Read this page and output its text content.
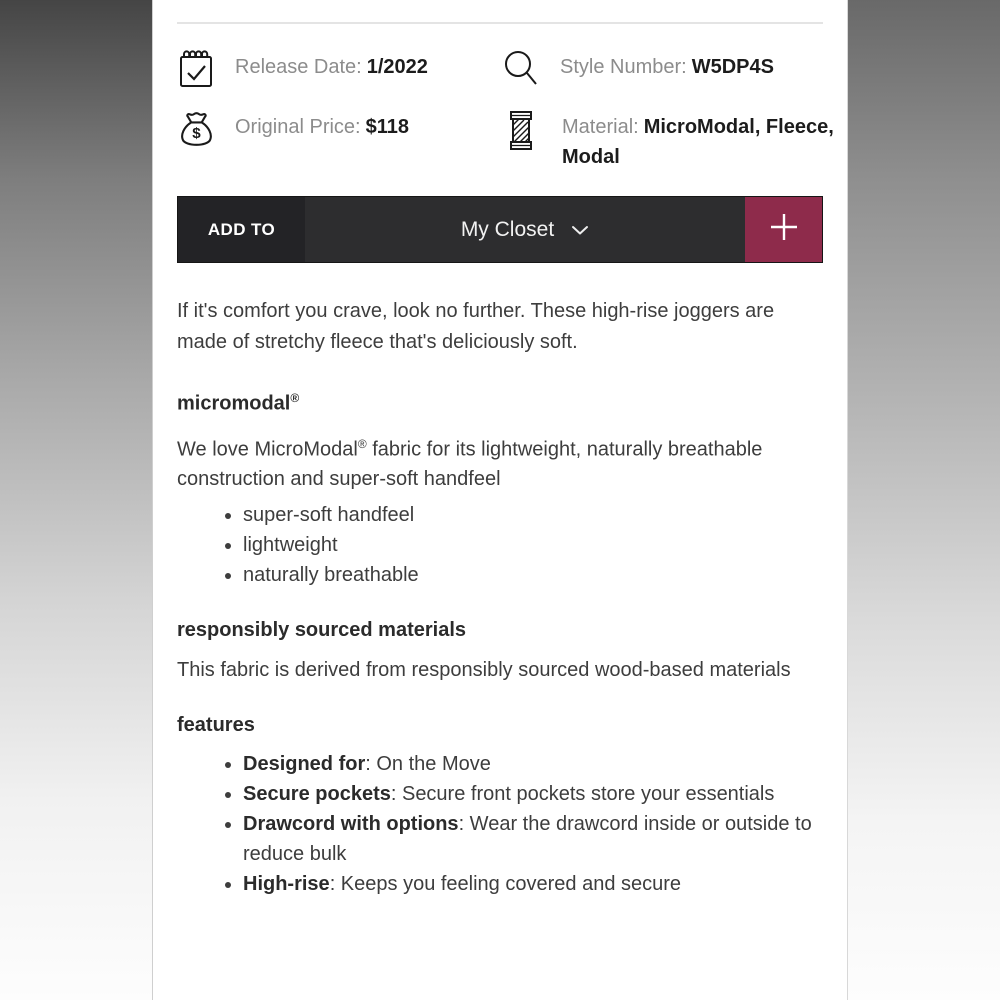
Release Date: 1/2022	Style Number: W5DP4S
$ Original Price: $118	Material: MicroModal, Fleece, Modal
ADD TO	My Closet

If it's comfort you crave, look no further. These high-rise joggers are made of stretchy fleece that's deliciously soft.

micromodal®

We love MicroModal® fabric for its lightweight, naturally breathable construction and super-soft handfeel

• super-soft handfeel
• lightweight
• naturally breathable
responsibly sourced materials

This fabric is derived from responsibly sourced wood-based materials

features
• Designed for: On the Move
• Secure pockets: Secure front pockets store your essentials
• Drawcord with options: Wear the drawcord inside or outside to reduce bulk
• High-rise: Keeps you feeling covered and secure
